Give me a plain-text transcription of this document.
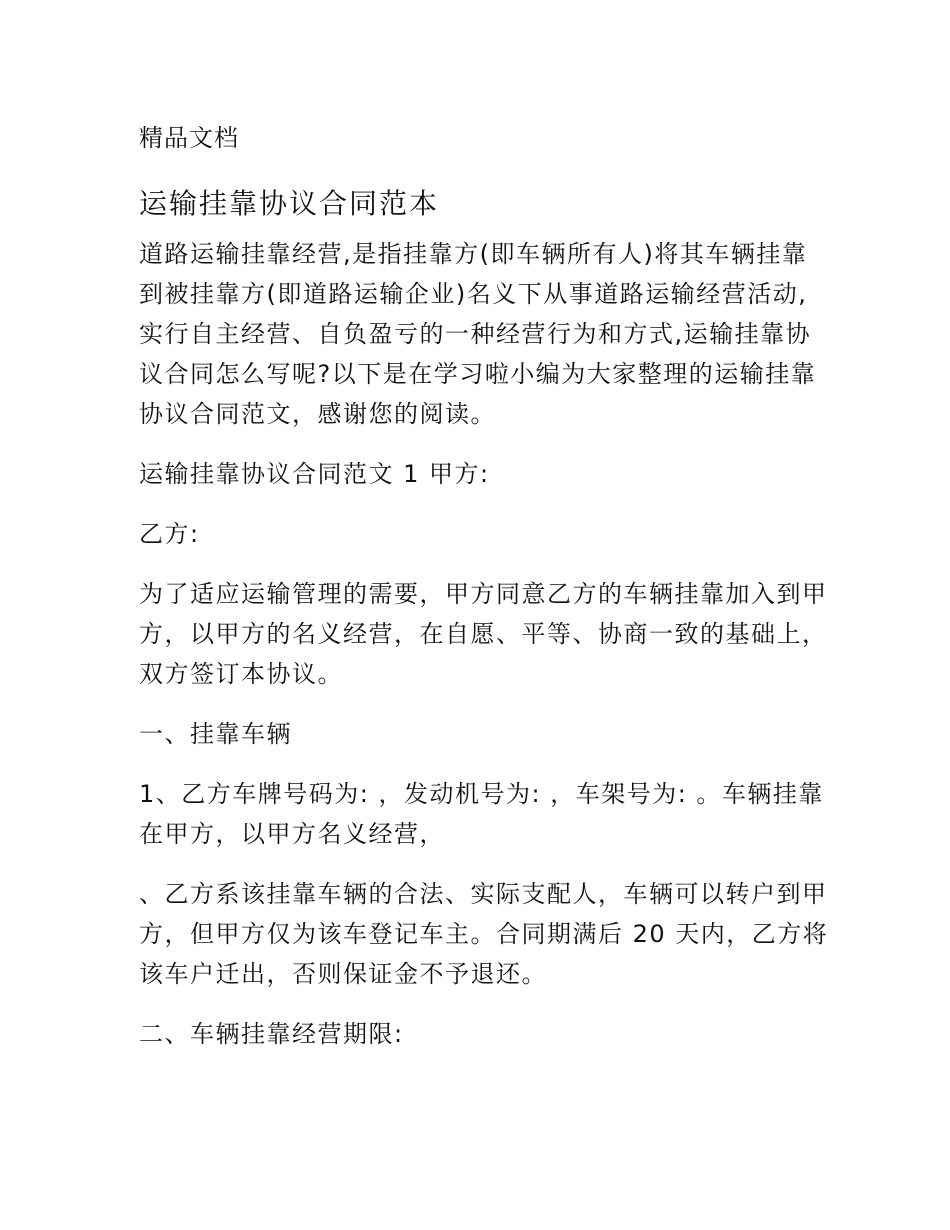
精品文档
运输挂靠协议合同范本

道路运输挂靠经营,是指挂靠方(即车辆所有人)将其车辆挂靠到被挂靠方(即道路运输企业)名义下从事道路运输经营活动,实行自主经营、自负盈亏的一种经营行为和方式,运输挂靠协议合同怎么写呢?以下是在学习啦小编为大家整理的运输挂靠协议合同范文，感谢您的阅读。

运输挂靠协议合同范文 1 甲方:

乙方:

为了适应运输管理的需要，甲方同意乙方的车辆挂靠加入到甲方，以甲方的名义经营，在自愿、平等、协商一致的基础上，双方签订本协议。

一、挂靠车辆

1、乙方车牌号码为: ，发动机号为: ，车架号为: 。车辆挂靠在甲方，以甲方名义经营，

、乙方系该挂靠车辆的合法、实际支配人，车辆可以转户到甲方，但甲方仅为该车登记车主。合同期满后 20 天内，乙方将该车户迁出，否则保证金不予退还。

二、车辆挂靠经营期限:
